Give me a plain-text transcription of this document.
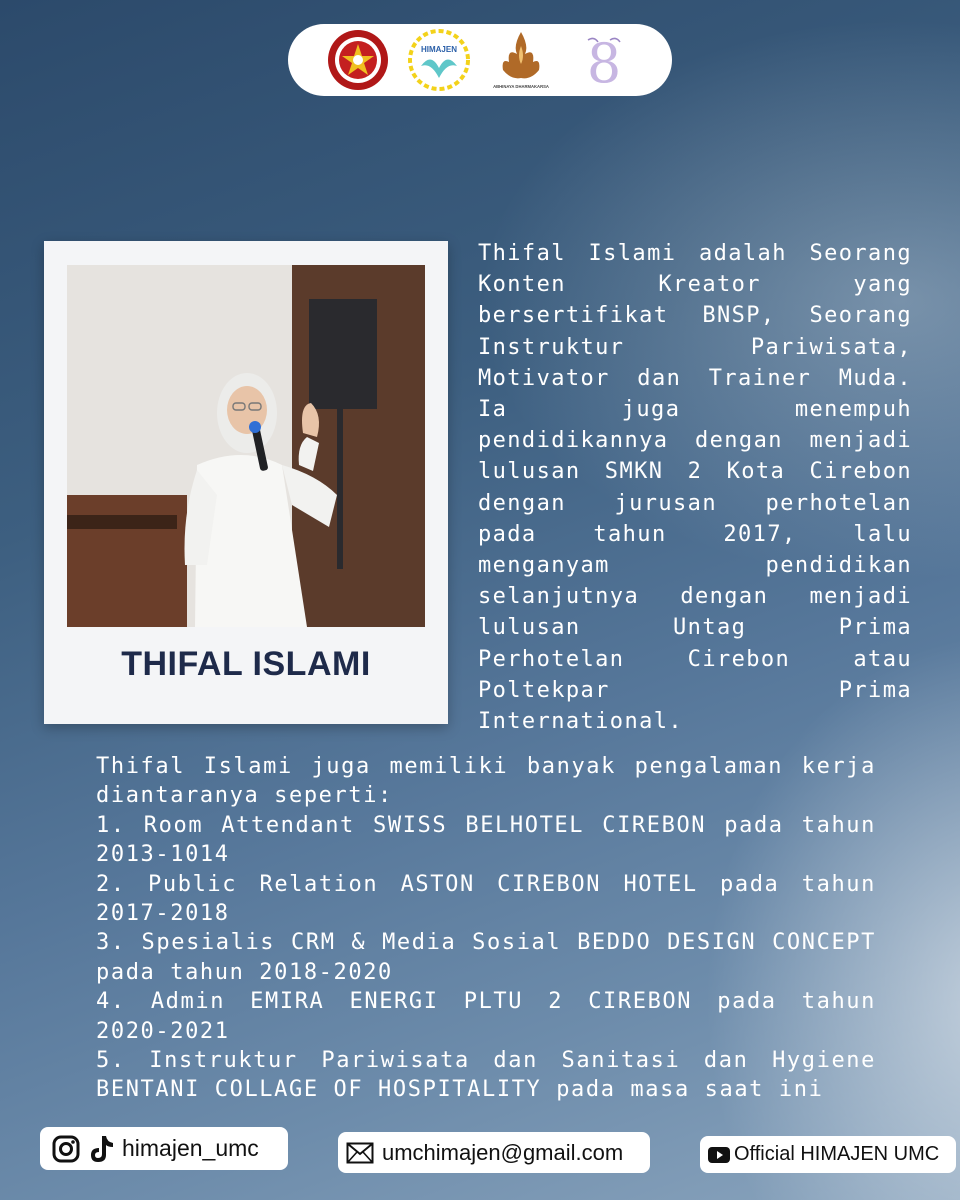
HIMAJEN
ABHINAYA DHARMAKARSA 8
THIFAL ISLAMI

Thifal Islami adalah Seorang Konten Kreator yang bersertifikat BNSP, Seorang Instruktur Pariwisata, Motivator dan Trainer Muda. Ia juga menempuh pendidikannya dengan menjadi lulusan SMKN 2 Kota Cirebon dengan jurusan perhotelan pada tahun 2017, lalu menganyam pendidikan selanjutnya dengan menjadi lulusan Untag Prima Perhotelan Cirebon atau Poltekpar Prima International.

Thifal Islami juga memiliki banyak pengalaman kerja diantaranya seperti:

1. Room Attendant SWISS BELHOTEL CIREBON pada tahun 2013-1014

2. Public Relation ASTON CIREBON HOTEL pada tahun 2017-2018

3. Spesialis CRM & Media Sosial BEDDO DESIGN CONCEPT pada tahun 2018-2020

4. Admin EMIRA ENERGI PLTU 2 CIREBON pada tahun 2020-2021

5. Instruktur Pariwisata dan Sanitasi dan Hygiene BENTANI COLLAGE OF HOSPITALITY pada masa saat ini

himajen_umc	umchimajen@gmail.com	Official HIMAJEN UMC
